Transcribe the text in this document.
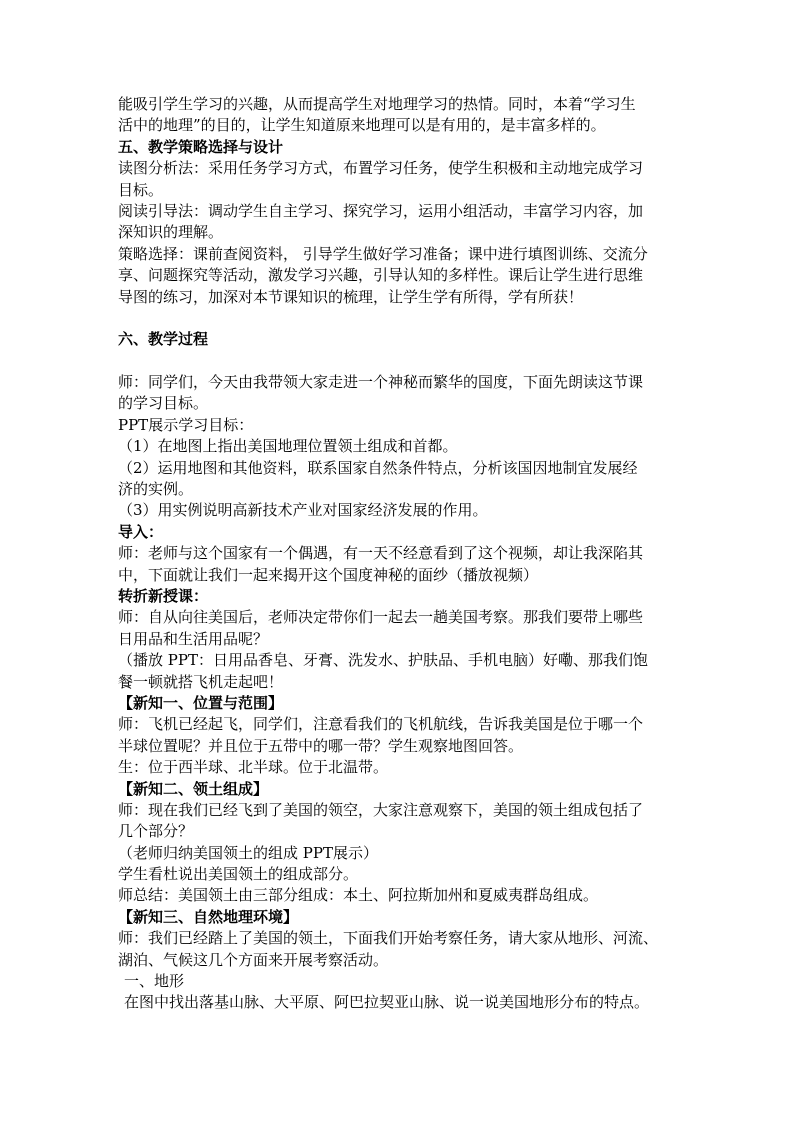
能吸引学生学习的兴趣，从而提高学生对地理学习的热情。同时，本着“学习生
活中的地理”的目的，让学生知道原来地理可以是有用的，是丰富多样的。
五、教学策略选择与设计
读图分析法：采用任务学习方式，布置学习任务，使学生积极和主动地完成学习
目标。
阅读引导法：调动学生自主学习、探究学习，运用小组活动，丰富学习内容，加
深知识的理解。
策略选择：课前查阅资料， 引导学生做好学习准备；课中进行填图训练、交流分
享、问题探究等活动，激发学习兴趣，引导认知的多样性。课后让学生进行思维
导图的练习，加深对本节课知识的梳理，让学生学有所得，学有所获！
六、教学过程
师：同学们，今天由我带领大家走进一个神秘而繁华的国度，下面先朗读这节课
的学习目标。
PPT展示学习目标：
（1）在地图上指出美国地理位置领土组成和首都。
（2）运用地图和其他资料，联系国家自然条件特点，分析该国因地制宜发展经
济的实例。
（3）用实例说明高新技术产业对国家经济发展的作用。
导入：
师：老师与这个国家有一个偶遇，有一天不经意看到了这个视频，却让我深陷其
中，下面就让我们一起来揭开这个国度神秘的面纱（播放视频）
转折新授课：
师：自从向往美国后，老师决定带你们一起去一趟美国考察。那我们要带上哪些
日用品和生活用品呢？
（播放 PPT：日用品香皂、牙膏、洗发水、护肤品、手机电脑）好嘞、那我们饱
餐一顿就搭飞机走起吧！
【新知一、位置与范围】
师：飞机已经起飞，同学们，注意看我们的飞机航线，告诉我美国是位于哪一个
半球位置呢？并且位于五带中的哪一带？学生观察地图回答。
生：位于西半球、北半球。位于北温带。
【新知二、领土组成】
师：现在我们已经飞到了美国的领空，大家注意观察下，美国的领土组成包括了
几个部分？
（老师归纳美国领土的组成 PPT展示）
学生看杜说出美国领土的组成部分。
师总结：美国领土由三部分组成：本土、阿拉斯加州和夏威夷群岛组成。
【新知三、自然地理环境】
师：我们已经踏上了美国的领土，下面我们开始考察任务，请大家从地形、河流、
湖泊、气候这几个方面来开展考察活动。
一、地形
在图中找出落基山脉、大平原、阿巴拉契亚山脉、说一说美国地形分布的特点。
